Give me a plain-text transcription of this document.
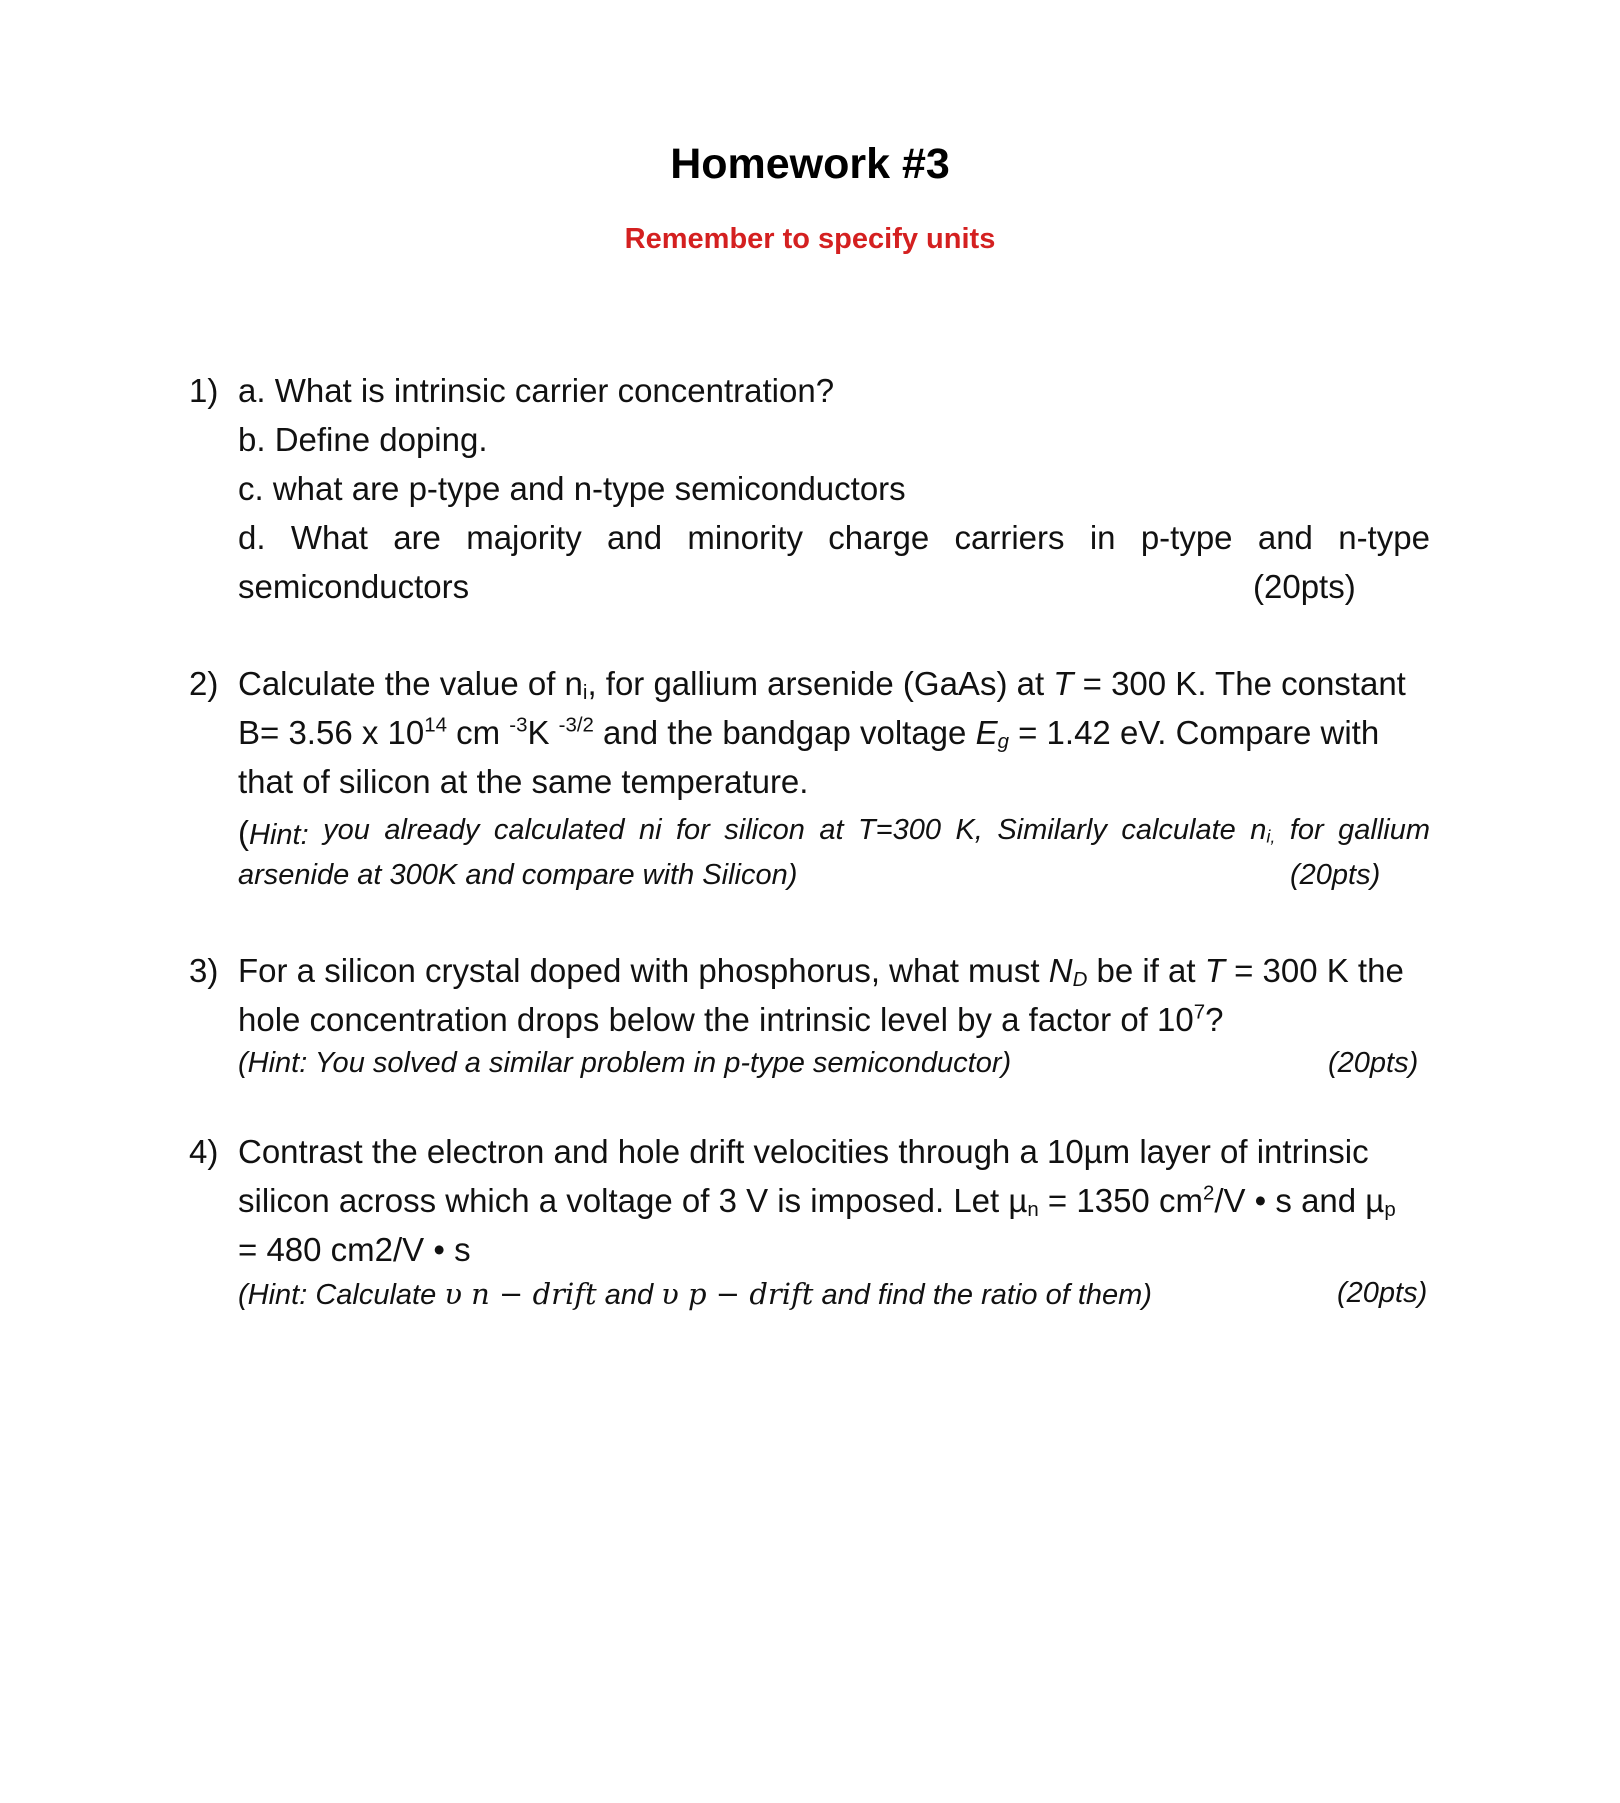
Homework #3
Remember to specify units
1) a. What is intrinsic carrier concentration?
b. Define doping.
c. what are p-type and n-type semiconductors
d. What are majority and minority charge carriers in p-type and n-type
semiconductors	(20pts)
2) Calculate the value of $n_i$, for gallium arsenide (GaAs) at T = 300 K. The constant
B= 3.56 x $10^{14}$ cm $^{-3}$K $^{-3/2}$ and the bandgap voltage $E_g = 1.42$ eV. Compare with
that of silicon at the same temperature.
(Hint: you already calculated ni for silicon at T=300 K, Similarly calculate $n_{i,}$ for gallium
arsenide at 300K and compare with Silicon)	(20pts)
3) For a silicon crystal doped with phosphorus, what must $N_D$ be if at T = 300 K the
hole concentration drops below the intrinsic level by a factor of $10^7$?
(Hint: You solved a similar problem in p-type semiconductor)	(20pts)
4) Contrast the electron and hole drift velocities through a 10µm layer of intrinsic
silicon across which a voltage of 3 V is imposed. Let µ$_n$ = 1350 $cm^2/V$ • s and µ$_p$
= 480 cm2/V • s
(Hint: Calculate υ n − drift and υ p − drift and find the ratio of them)	(20pts)
